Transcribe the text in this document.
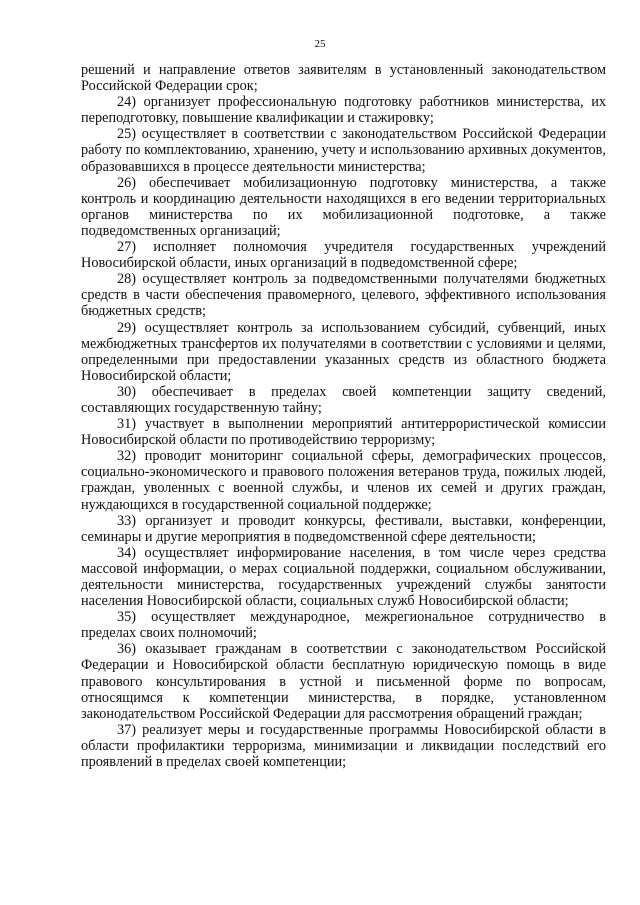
25

решений и направление ответов заявителям в установленный законодательством Российской Федерации срок;

24) организует профессиональную подготовку работников министерства, их переподготовку, повышение квалификации и стажировку;

25) осуществляет в соответствии с законодательством Российской Федерации работу по комплектованию, хранению, учету и использованию архивных документов, образовавшихся в процессе деятельности министерства;

26) обеспечивает мобилизационную подготовку министерства, а также контроль и координацию деятельности находящихся в его ведении территориальных органов министерства по их мобилизационной подготовке, а также подведомственных организаций;

27) исполняет полномочия учредителя государственных учреждений Новосибирской области, иных организаций в подведомственной сфере;

28) осуществляет контроль за подведомственными получателями бюджетных средств в части обеспечения правомерного, целевого, эффективного использования бюджетных средств;

29) осуществляет контроль за использованием субсидий, субвенций, иных межбюджетных трансфертов их получателями в соответствии с условиями и целями, определенными при предоставлении указанных средств из областного бюджета Новосибирской области;

30) обеспечивает в пределах своей компетенции защиту сведений, составляющих государственную тайну;

31) участвует в выполнении мероприятий антитеррористической комиссии Новосибирской области по противодействию терроризму;

32) проводит мониторинг социальной сферы, демографических процессов, социально-экономического и правового положения ветеранов труда, пожилых людей, граждан, уволенных с военной службы, и членов их семей и других граждан, нуждающихся в государственной социальной поддержке;

33) организует и проводит конкурсы, фестивали, выставки, конференции, семинары и другие мероприятия в подведомственной сфере деятельности;

34) осуществляет информирование населения, в том числе через средства массовой информации, о мерах социальной поддержки, социальном обслуживании, деятельности министерства, государственных учреждений службы занятости населения Новосибирской области, социальных служб Новосибирской области;

35) осуществляет международное, межрегиональное сотрудничество в пределах своих полномочий;

36) оказывает гражданам в соответствии с законодательством Российской Федерации и Новосибирской области бесплатную юридическую помощь в виде правового консультирования в устной и письменной форме по вопросам, относящимся к компетенции министерства, в порядке, установленном законодательством Российской Федерации для рассмотрения обращений граждан;

37) реализует меры и государственные программы Новосибирской области в области профилактики терроризма, минимизации и ликвидации последствий его проявлений в пределах своей компетенции;
